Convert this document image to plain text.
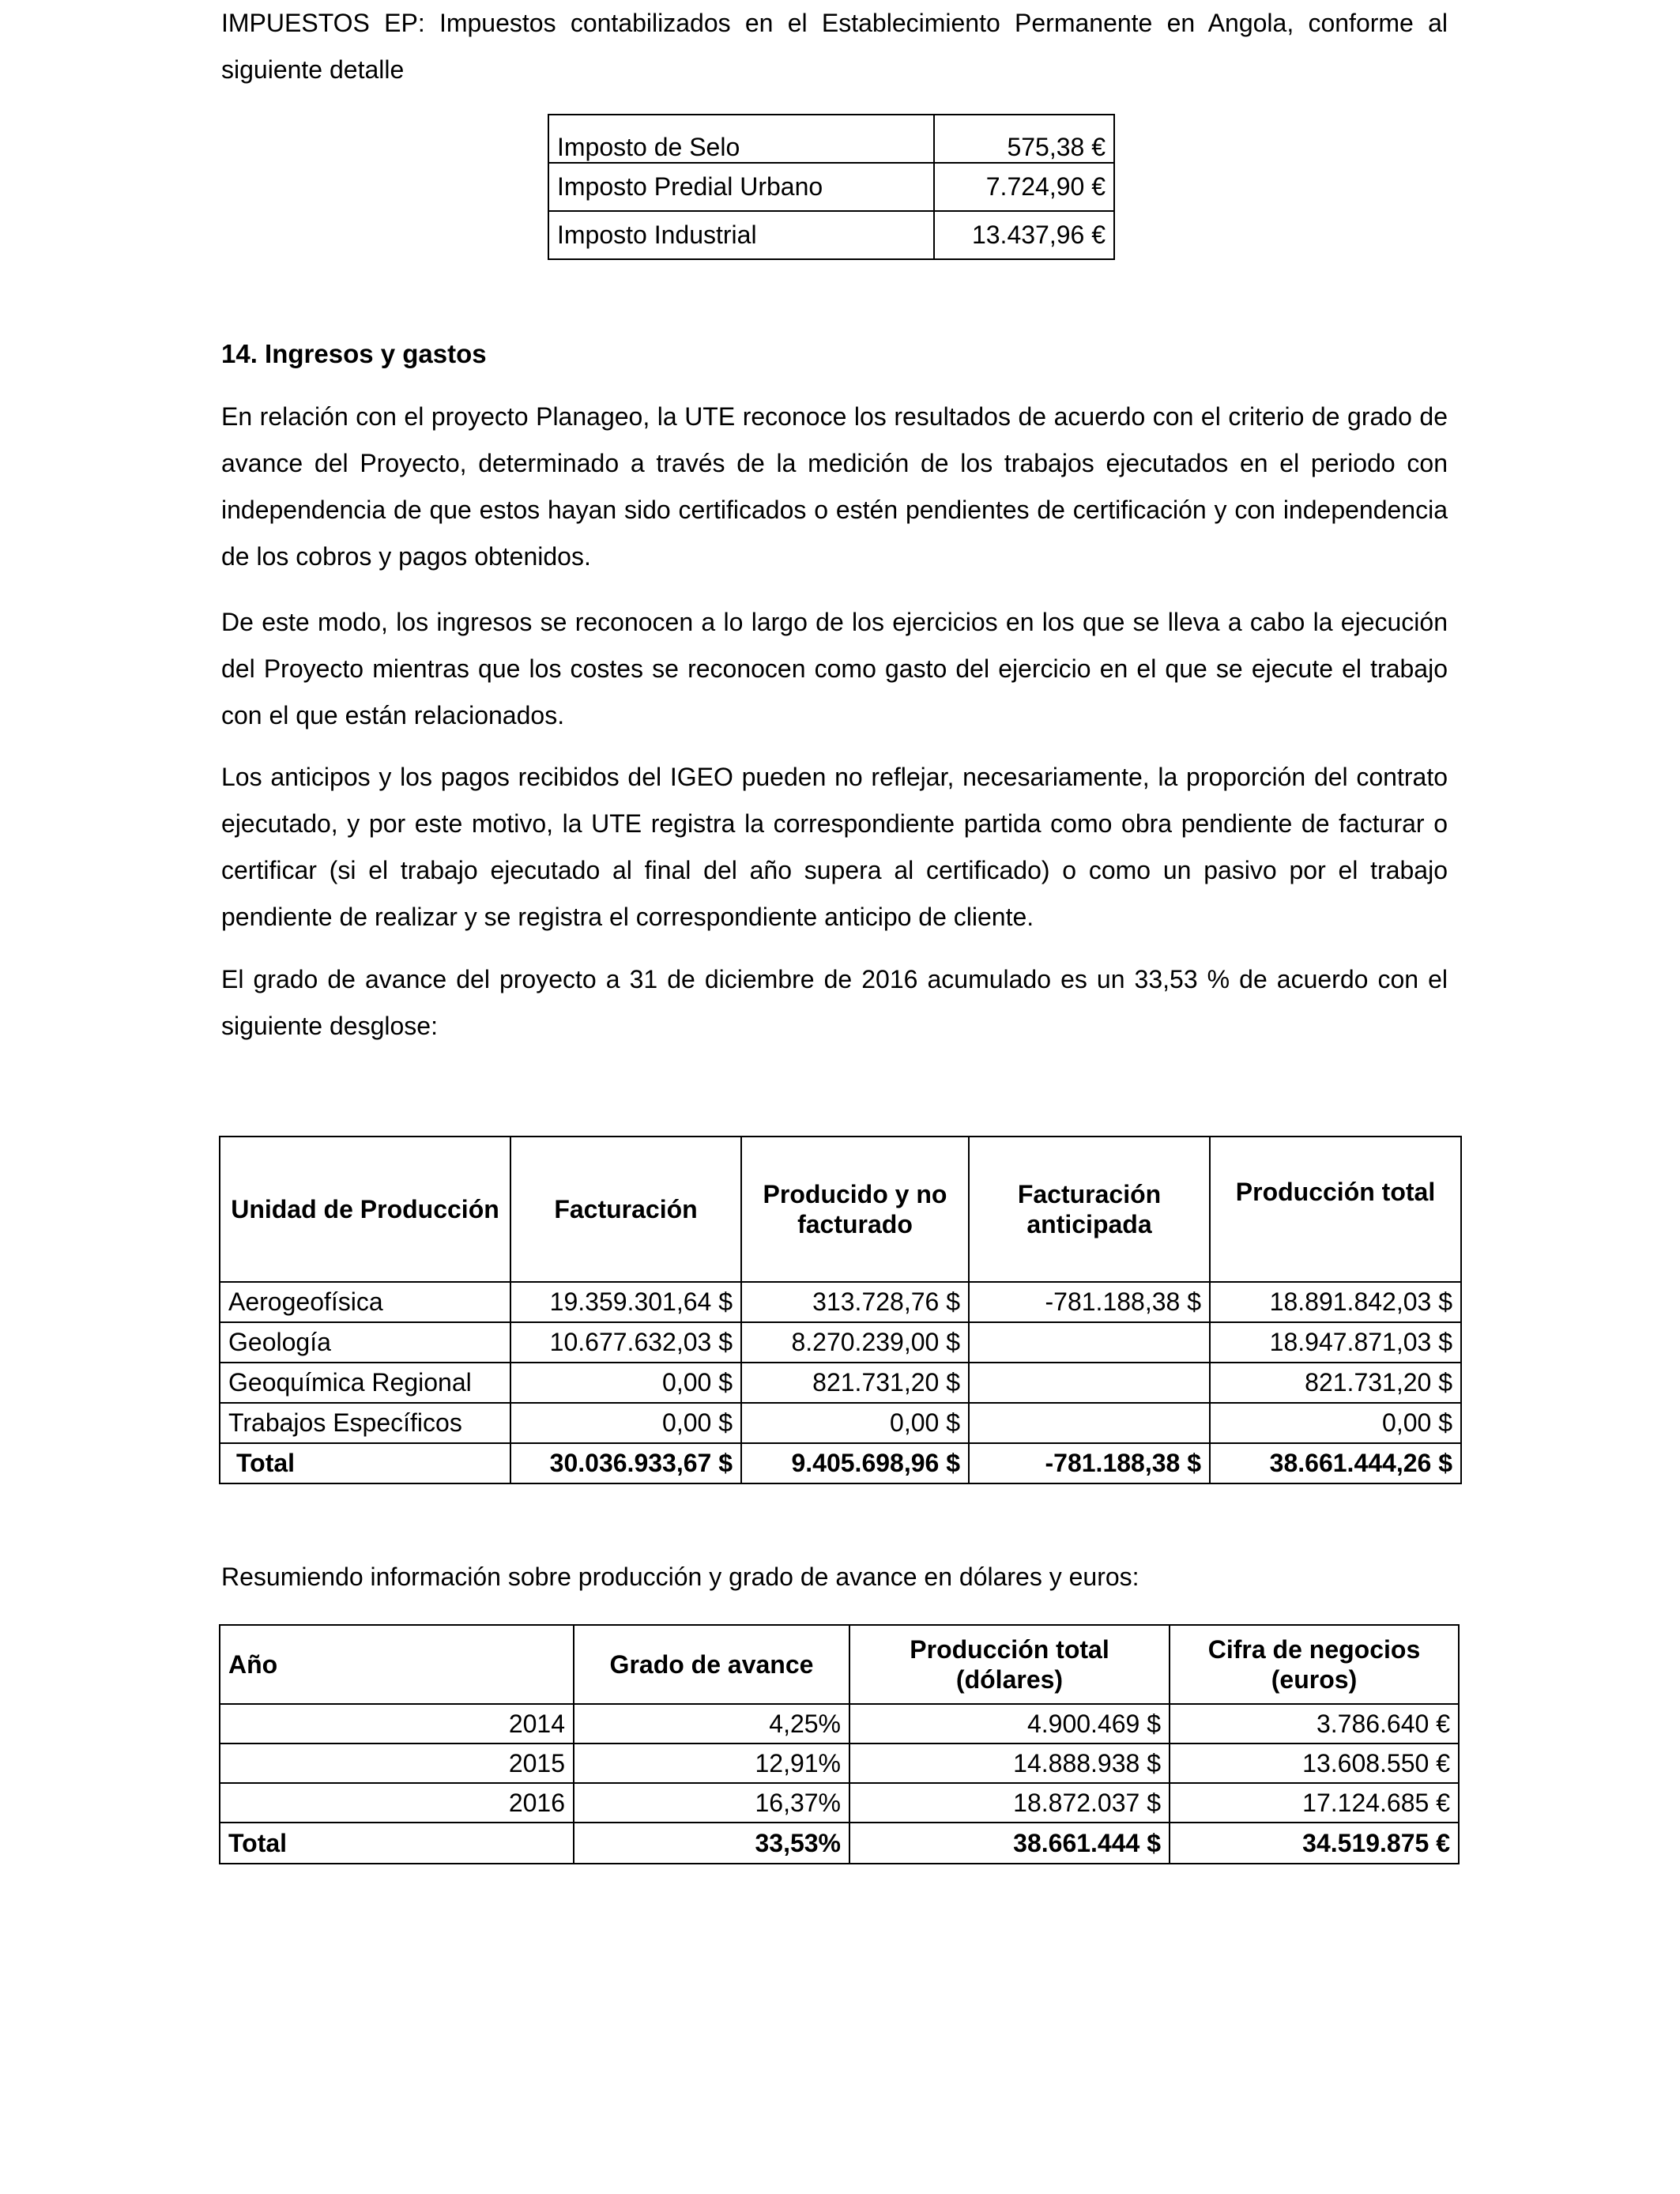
IMPUESTOS EP: Impuestos contabilizados en el Establecimiento Permanente en Angola, conforme al siguiente detalle

Imposto de Selo	575,38 €
Imposto Predial Urbano	7.724,90 €
Imposto Industrial	13.437,96 €
14. Ingresos y gastos

En relación con el proyecto Planageo, la UTE reconoce los resultados de acuerdo con el criterio de grado de avance del Proyecto, determinado a través de la medición de los trabajos ejecutados en el periodo con independencia de que estos hayan sido certificados o estén pendientes de certificación y con independencia de los cobros y pagos obtenidos.

De este modo, los ingresos se reconocen a lo largo de los ejercicios en los que se lleva a cabo la ejecución del Proyecto mientras que los costes se reconocen como gasto del ejercicio en el que se ejecute el trabajo con el que están relacionados.

Los anticipos y los pagos recibidos del IGEO pueden no reflejar, necesariamente, la proporción del contrato ejecutado, y por este motivo, la UTE registra la correspondiente partida como obra pendiente de facturar o certificar (si el trabajo ejecutado al final del año supera al certificado) o como un pasivo por el trabajo pendiente de realizar y se registra el correspondiente anticipo de cliente.

El grado de avance del proyecto a 31 de diciembre de 2016 acumulado es un 33,53 % de acuerdo con el siguiente desglose:

Unidad de Producción	Facturación	Producido y no facturado	Facturación anticipada	Producción total
Aerogeofísica	19.359.301,64 $	313.728,76 $	-781.188,38 $	18.891.842,03 $
Geología	10.677.632,03 $	8.270.239,00 $		18.947.871,03 $
Geoquímica Regional	0,00 $	821.731,20 $		821.731,20 $
Trabajos Específicos	0,00 $	0,00 $		0,00 $
Total	30.036.933,67 $	9.405.698,96 $	-781.188,38 $	38.661.444,26 $

Resumiendo información sobre producción y grado de avance en dólares y euros:

Año	Grado de avance	Producción total (dólares)	Cifra de negocios (euros)
2014	4,25%	4.900.469 $	3.786.640 €
2015	12,91%	14.888.938 $	13.608.550 €
2016	16,37%	18.872.037 $	17.124.685 €
Total	33,53%	38.661.444 $	34.519.875 €
